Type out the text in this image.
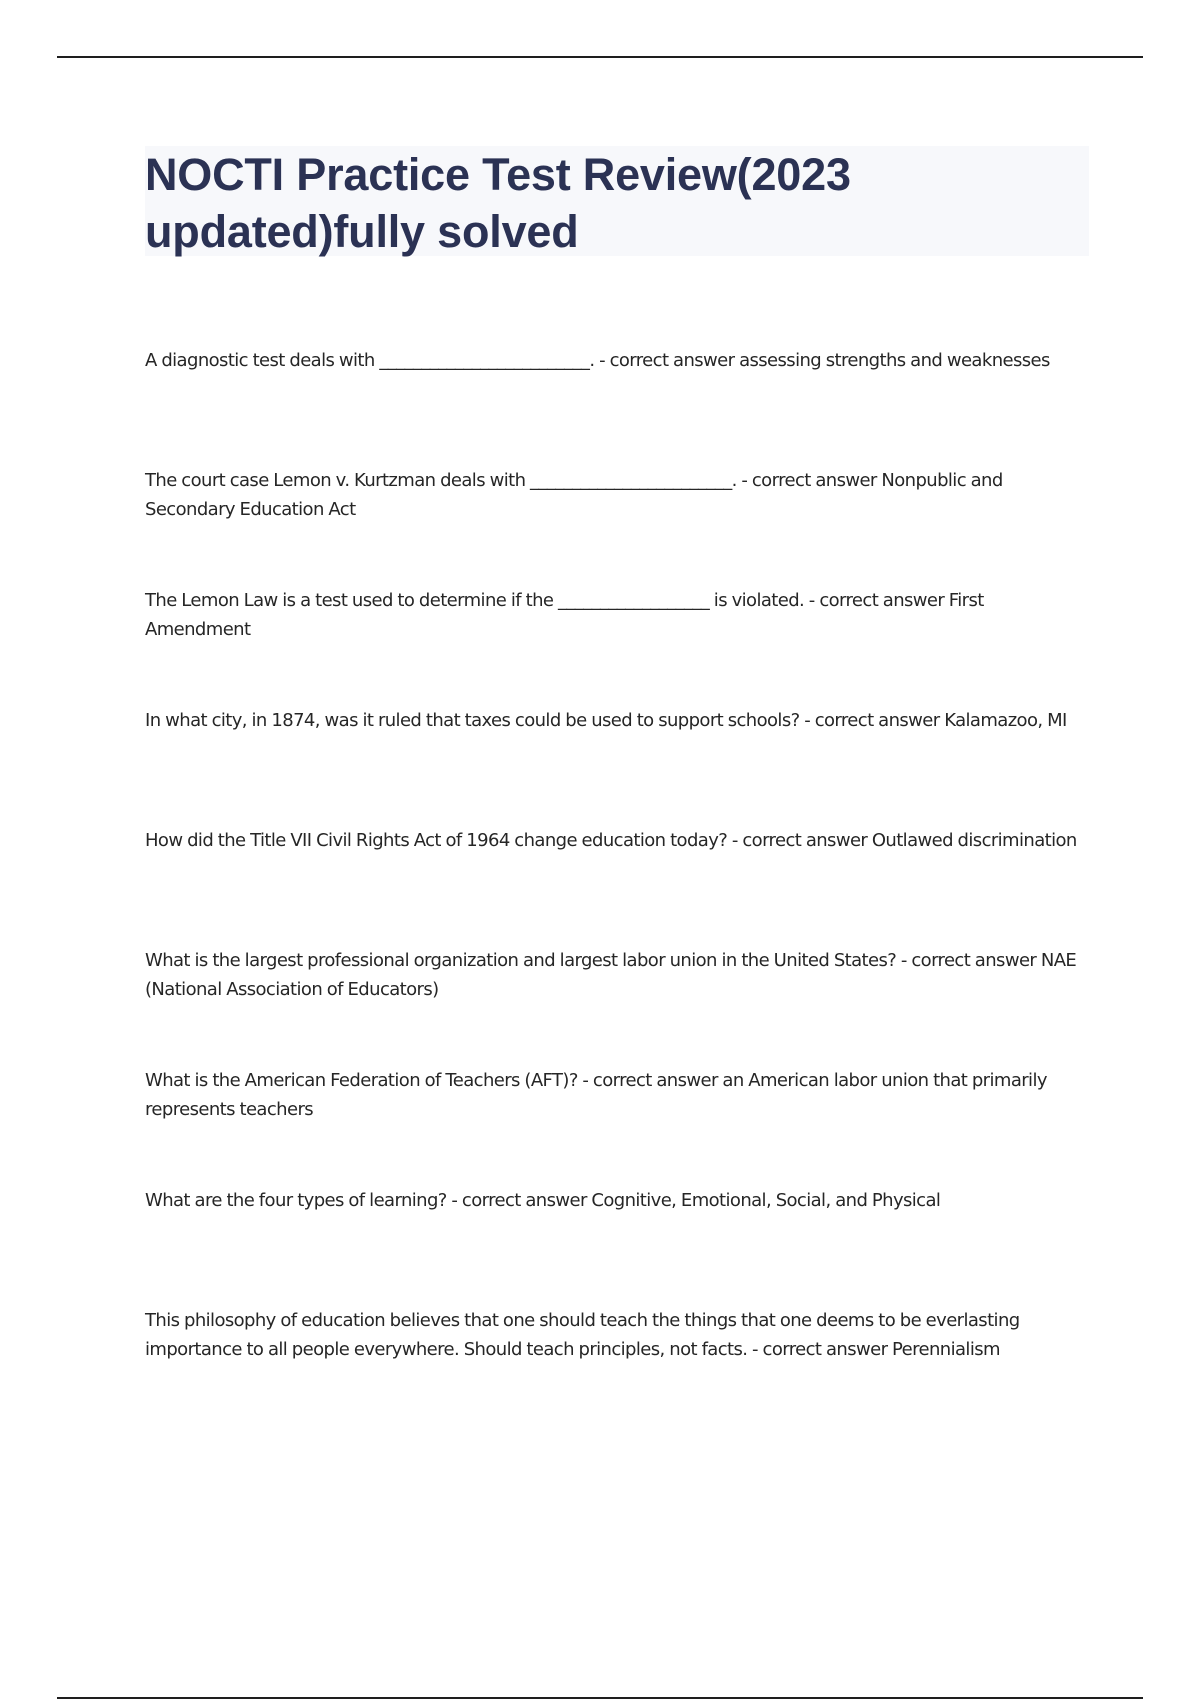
NOCTI Practice Test Review(2023 updated)fully solved
A diagnostic test deals with _________________________. - correct answer assessing strengths and weaknesses
The court case Lemon v. Kurtzman deals with ________________________. - correct answer Nonpublic and Secondary Education Act
The Lemon Law is a test used to determine if the __________________ is violated. - correct answer First Amendment
In what city, in 1874, was it ruled that taxes could be used to support schools? - correct answer Kalamazoo, MI
How did the Title VII Civil Rights Act of 1964 change education today? - correct answer Outlawed discrimination
What is the largest professional organization and largest labor union in the United States? - correct answer NAE (National Association of Educators)
What is the American Federation of Teachers (AFT)? - correct answer an American labor union that primarily represents teachers
What are the four types of learning? - correct answer Cognitive, Emotional, Social, and Physical
This philosophy of education believes that one should teach the things that one deems to be everlasting importance to all people everywhere. Should teach principles, not facts. - correct answer Perennialism
